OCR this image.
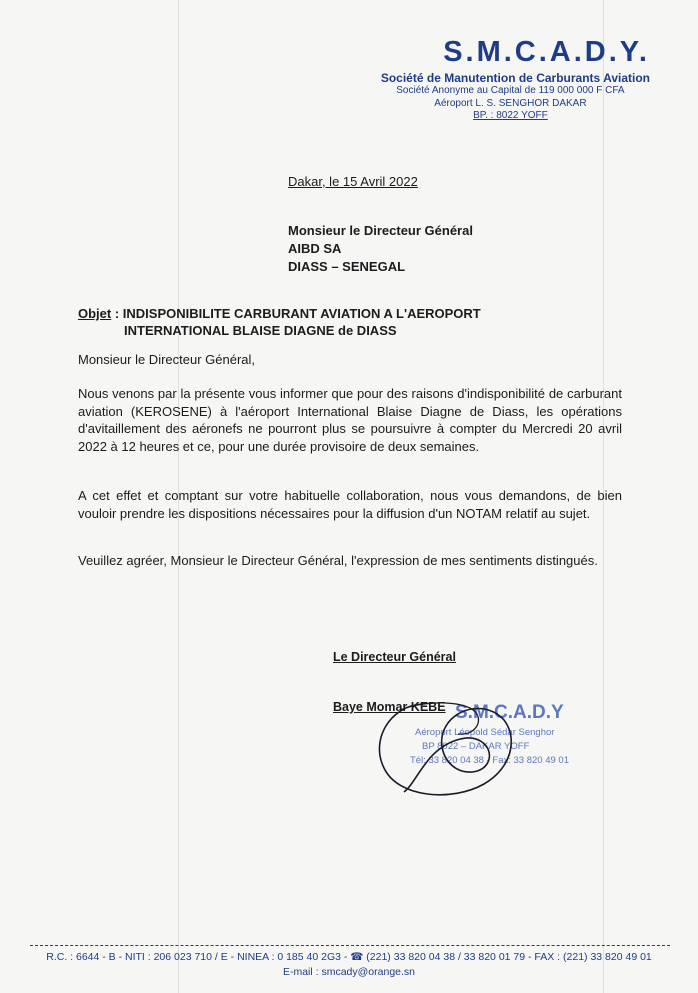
S.M.C.A.D.Y.
Société de Manutention de Carburants Aviation
Société Anonyme au Capital de 119 000 000 F CFA
Aéroport L. S. SENGHOR DAKAR
BP. : 8022 YOFF
Dakar, le 15 Avril 2022
Monsieur le Directeur Général
AIBD SA
DIASS – SENEGAL
Objet : INDISPONIBILITE CARBURANT AVIATION A L'AEROPORT
INTERNATIONAL BLAISE DIAGNE de DIASS
Monsieur le Directeur Général,
Nous venons par la présente vous informer que pour des raisons d'indisponibilité de carburant aviation (KEROSENE) à l'aéroport International Blaise Diagne de Diass, les opérations d'avitaillement des aéronefs ne pourront plus se poursuivre à compter du Mercredi 20 avril 2022 à 12 heures et ce, pour une durée provisoire de deux semaines.
A cet effet et comptant sur votre habituelle collaboration, nous vous demandons, de bien vouloir prendre les dispositions nécessaires pour la diffusion d'un NOTAM relatif au sujet.
Veuillez agréer, Monsieur le Directeur Général, l'expression de mes sentiments distingués.
Le Directeur Général
S.M.C.A.D.Y
Aéroport Léopold Sédar Senghor
BP 8022 – DAKAR YOFF
Tél: 33 820 04 38 - Fax: 33 820 49 01
Baye Momar KEBE
R.C. : 6644 - B - NITI : 206 023 710 / E - NINEA : 0 185 40 2G3 - ☎ (221) 33 820 04 38 / 33 820 01 79 - FAX : (221) 33 820 49 01
E-mail : smcady@orange.sn
